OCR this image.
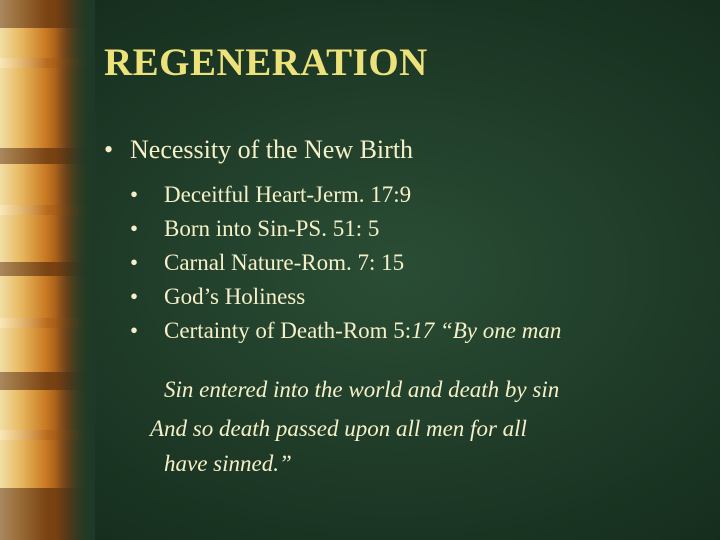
REGENERATION
• Necessity of the New Birth
• Deceitful Heart-Jerm. 17:9
• Born into Sin-PS. 51: 5
• Carnal Nature-Rom. 7: 15
• God’s Holiness
• Certainty of Death-Rom 5:17 “By one man
Sin entered into the world and death by sin
And so death passed upon all men for all
have sinned.”
